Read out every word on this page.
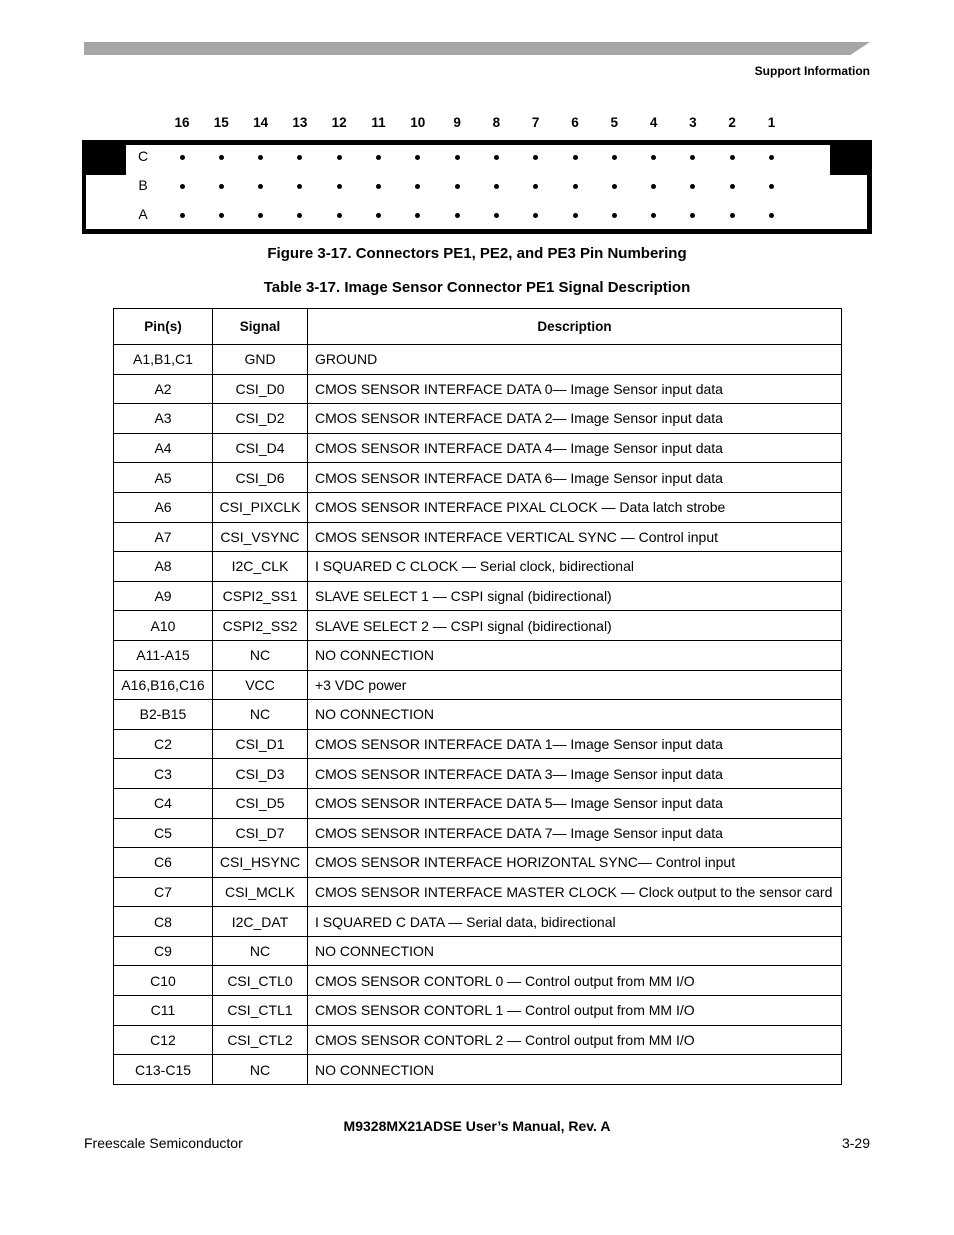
Support Information
16	15	14	13	12	11	10	9	8	7	6	5	4	3	2	1
C
B
A
Figure 3-17. Connectors PE1, PE2, and PE3 Pin Numbering
Table 3-17. Image Sensor Connector PE1 Signal Description
Pin(s)	Signal	Description
A1,B1,C1	GND	GROUND
A2	CSI_D0	CMOS SENSOR INTERFACE DATA 0— Image Sensor input data
A3	CSI_D2	CMOS SENSOR INTERFACE DATA 2— Image Sensor input data
A4	CSI_D4	CMOS SENSOR INTERFACE DATA 4— Image Sensor input data
A5	CSI_D6	CMOS SENSOR INTERFACE DATA 6— Image Sensor input data
A6	CSI_PIXCLK	CMOS SENSOR INTERFACE PIXAL CLOCK — Data latch strobe
A7	CSI_VSYNC	CMOS SENSOR INTERFACE VERTICAL SYNC — Control input
A8	I2C_CLK	I SQUARED C CLOCK — Serial clock, bidirectional
A9	CSPI2_SS1	SLAVE SELECT 1 — CSPI signal (bidirectional)
A10	CSPI2_SS2	SLAVE SELECT 2 — CSPI signal (bidirectional)
A11-A15	NC	NO CONNECTION
A16,B16,C16	VCC	+3 VDC power
B2-B15	NC	NO CONNECTION
C2	CSI_D1	CMOS SENSOR INTERFACE DATA 1— Image Sensor input data
C3	CSI_D3	CMOS SENSOR INTERFACE DATA 3— Image Sensor input data
C4	CSI_D5	CMOS SENSOR INTERFACE DATA 5— Image Sensor input data
C5	CSI_D7	CMOS SENSOR INTERFACE DATA 7— Image Sensor input data
C6	CSI_HSYNC	CMOS SENSOR INTERFACE HORIZONTAL SYNC— Control input
C7	CSI_MCLK	CMOS SENSOR INTERFACE MASTER CLOCK — Clock output to the sensor card
C8	I2C_DAT	I SQUARED C DATA — Serial data, bidirectional
C9	NC	NO CONNECTION
C10	CSI_CTL0	CMOS SENSOR CONTORL 0 — Control output from MM I/O
C11	CSI_CTL1	CMOS SENSOR CONTORL 1 — Control output from MM I/O
C12	CSI_CTL2	CMOS SENSOR CONTORL 2 — Control output from MM I/O
C13-C15	NC	NO CONNECTION
M9328MX21ADSE User’s Manual, Rev. A
Freescale Semiconductor	3-29
